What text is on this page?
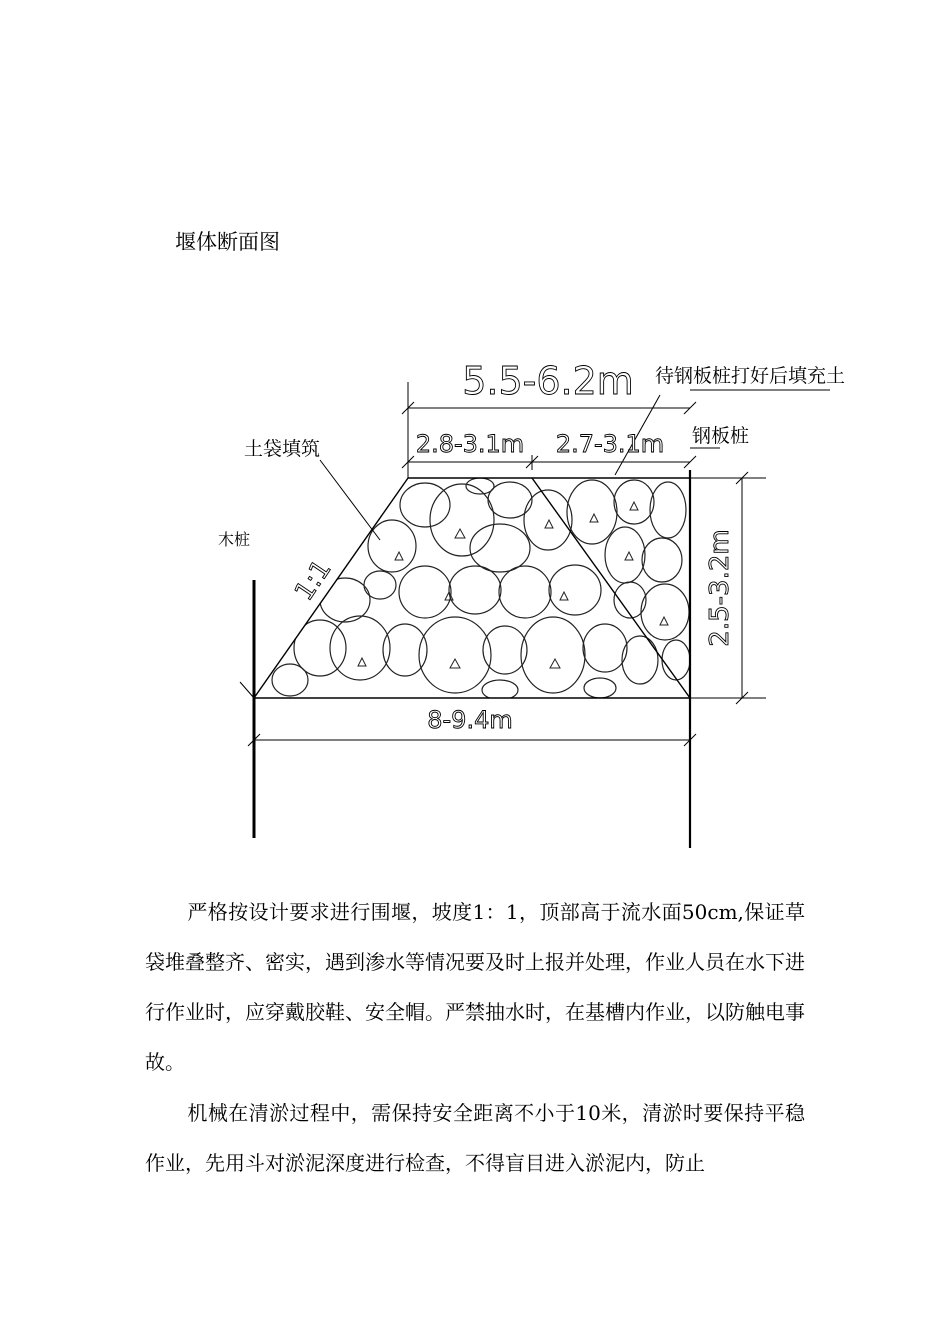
堰体断面图
5.5-6.2m
2.8-3.1m 2.7-3.1m
8-9.4m
2.5-3.2m
1:1
待钢板桩打好后填充土
钢板桩
土袋填筑
木桩

严格按设计要求进行围堰，坡度1：1，顶部高于流水面50cm,保证草袋堆叠整齐、密实，遇到渗水等情况要及时上报并处理，作业人员在水下进行作业时，应穿戴胶鞋、安全帽。严禁抽水时，在基槽内作业，以防触电事故。

机械在清淤过程中，需保持安全距离不小于10米，清淤时要保持平稳作业，先用斗对淤泥深度进行检查，不得盲目进入淤泥内，防止
